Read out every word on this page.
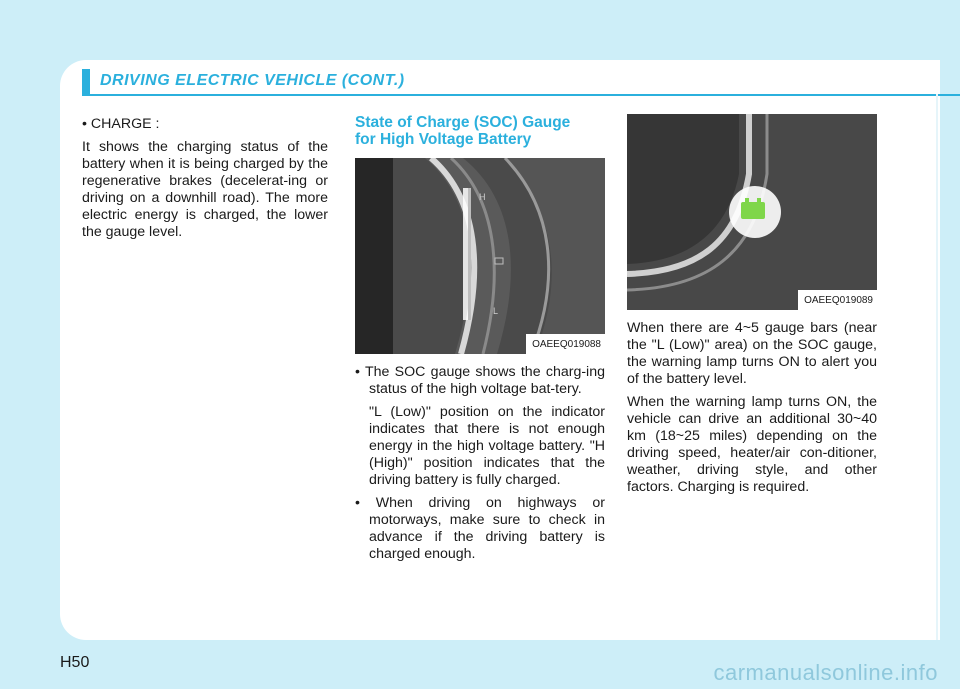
DRIVING ELECTRIC VEHICLE (CONT.)

• CHARGE :

It shows the charging status of the battery when it is being charged by the regenerative brakes (decelerat-ing or driving on a downhill road). The more electric energy is charged, the lower the gauge level.

State of Charge (SOC) Gauge
for High Voltage Battery
H
L
OAEEQ019088

• The SOC gauge shows the charg-ing status of the high voltage bat-tery.

"L (Low)" position on the indicator indicates that there is not enough energy in the high voltage battery. "H (High)" position indicates that the driving battery is fully charged.

• When driving on highways or motorways, make sure to check in advance if the driving battery is charged enough.

OAEEQ019089

When there are 4~5 gauge bars (near the "L (Low)" area) on the SOC gauge, the warning lamp turns ON to alert you of the battery level.

When the warning lamp turns ON, the vehicle can drive an additional 30~40 km (18~25 miles) depending on the driving speed, heater/air con-ditioner, weather, driving style, and other factors. Charging is required.

H50	carmanualsonline.info
